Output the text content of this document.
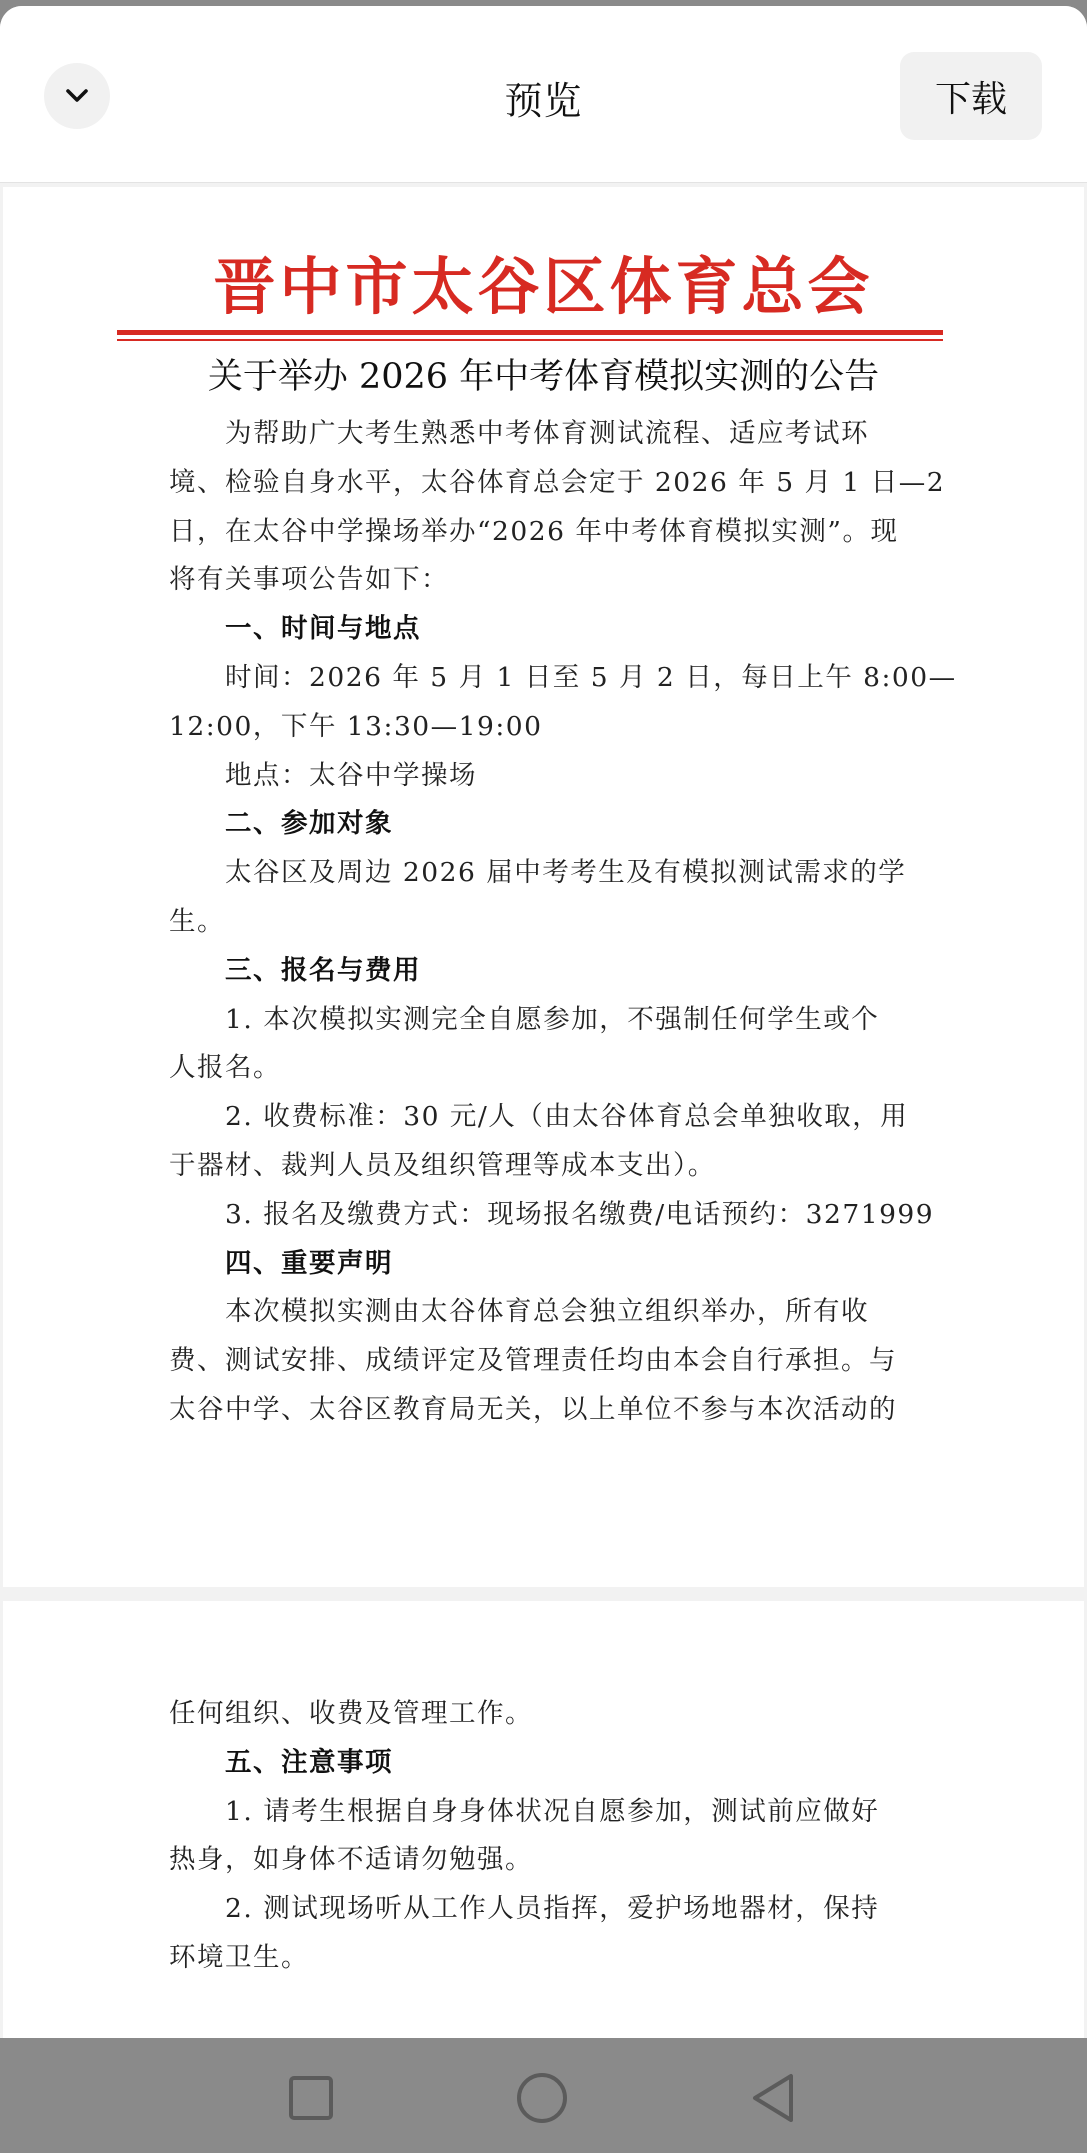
预览	下载
晋中市太谷区体育总会
关于举办 2026 年中考体育模拟实测的公告
为帮助广大考生熟悉中考体育测试流程、适应考试环
境、检验自身水平，太谷体育总会定于 2026 年 5 月 1 日—2
日，在太谷中学操场举办“2026 年中考体育模拟实测”。现
将有关事项公告如下：
一、时间与地点
时间：2026 年 5 月 1 日至 5 月 2 日，每日上午 8:00—
12:00，下午 13:30—19:00
地点：太谷中学操场
二、参加对象
太谷区及周边 2026 届中考考生及有模拟测试需求的学
生。
三、报名与费用
1. 本次模拟实测完全自愿参加，不强制任何学生或个
人报名。
2. 收费标准：30 元/人（由太谷体育总会单独收取，用
于器材、裁判人员及组织管理等成本支出）。
3. 报名及缴费方式：现场报名缴费/电话预约：3271999
四、重要声明
本次模拟实测由太谷体育总会独立组织举办，所有收
费、测试安排、成绩评定及管理责任均由本会自行承担。与
太谷中学、太谷区教育局无关，以上单位不参与本次活动的
任何组织、收费及管理工作。
五、注意事项
1. 请考生根据自身身体状况自愿参加，测试前应做好
热身，如身体不适请勿勉强。
2. 测试现场听从工作人员指挥，爱护场地器材，保持
环境卫生。
